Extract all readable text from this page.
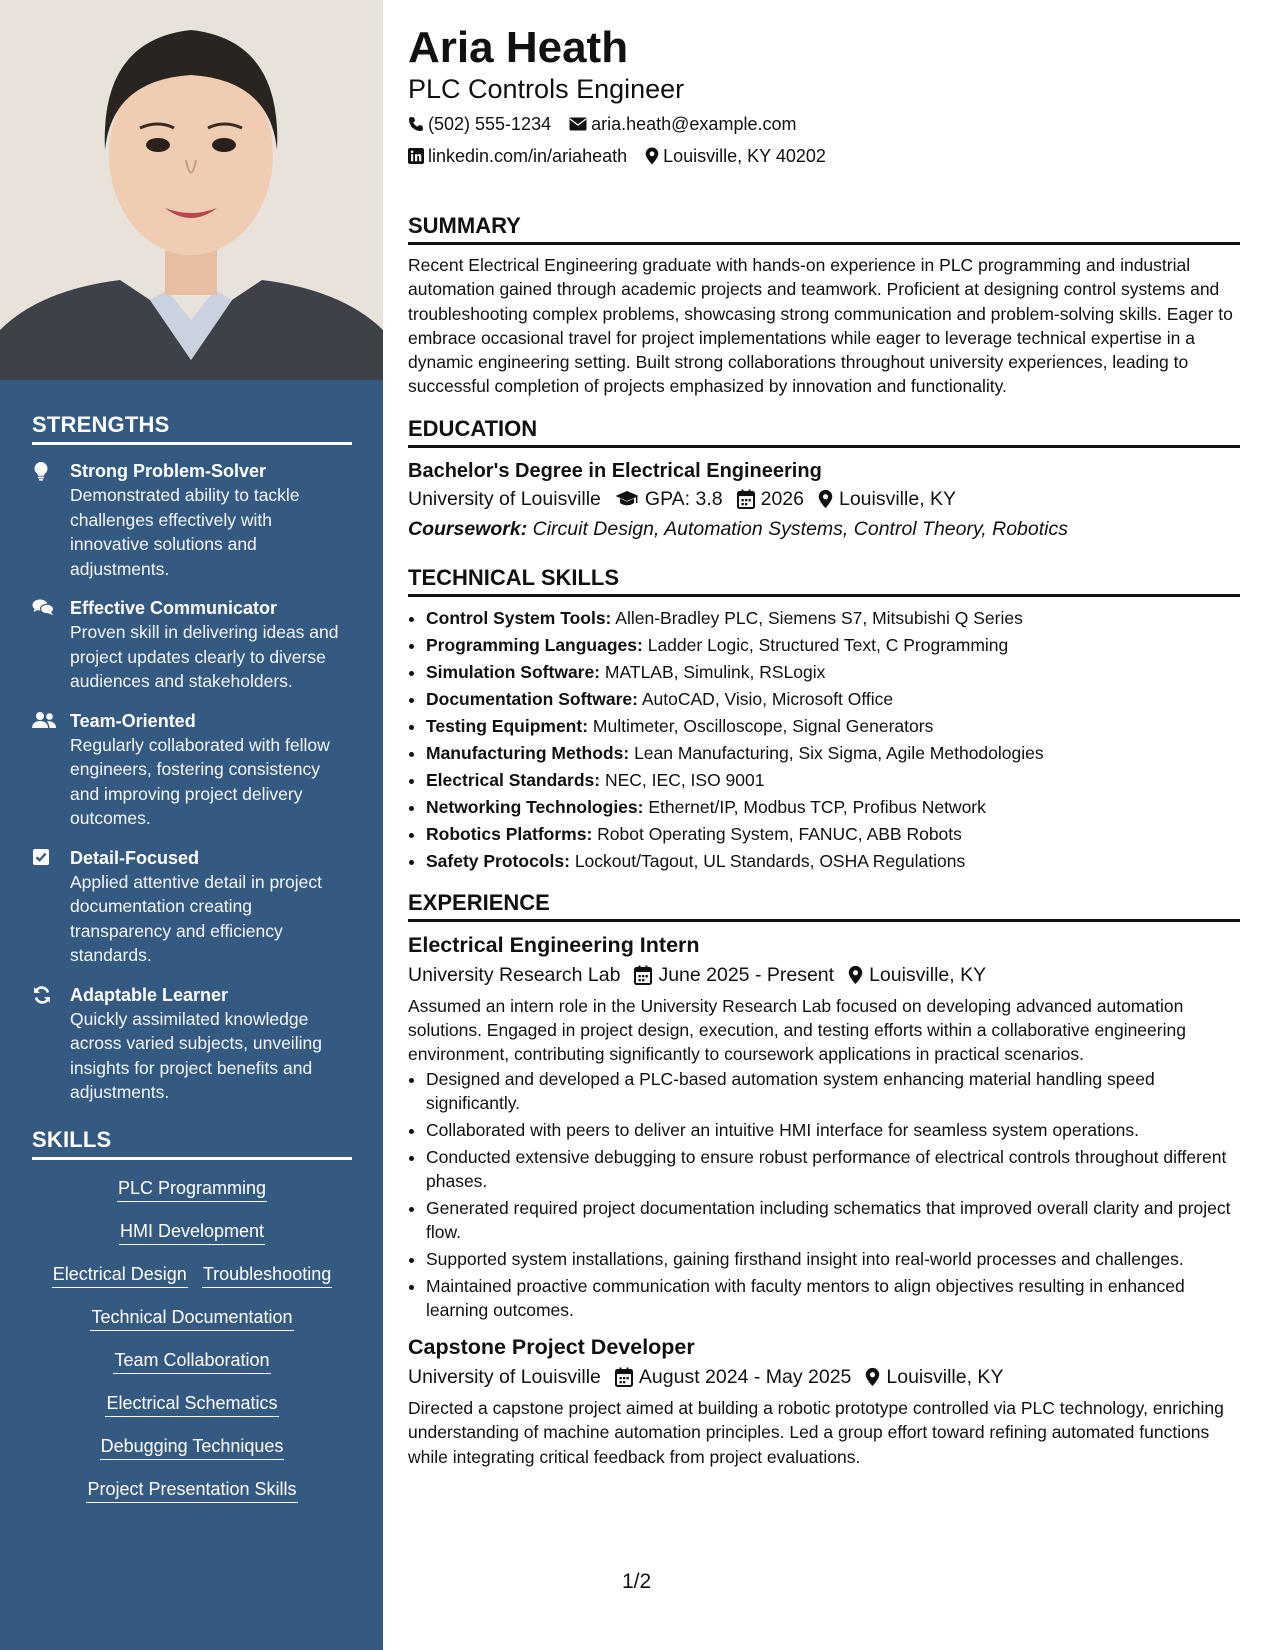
STRENGTHS
Strong Problem-Solver
Demonstrated ability to tackle challenges effectively with innovative solutions and adjustments.
Effective Communicator
Proven skill in delivering ideas and project updates clearly to diverse audiences and stakeholders.
Team-Oriented
Regularly collaborated with fellow engineers, fostering consistency and improving project delivery outcomes.
Detail-Focused
Applied attentive detail in project documentation creating transparency and efficiency standards.
Adaptable Learner
Quickly assimilated knowledge across varied subjects, unveiling insights for project benefits and adjustments.
SKILLS
PLC Programming
HMI Development
Electrical Design Troubleshooting
Technical Documentation
Team Collaboration
Electrical Schematics
Debugging Techniques
Project Presentation Skills
Aria Heath
PLC Controls Engineer
(502) 555-1234 aria.heath@example.com
linkedin.com/in/ariaheath Louisville, KY 40202
SUMMARY

Recent Electrical Engineering graduate with hands-on experience in PLC programming and industrial automation gained through academic projects and teamwork. Proficient at designing control systems and troubleshooting complex problems, showcasing strong communication and problem-solving skills. Eager to embrace occasional travel for project implementations while eager to leverage technical expertise in a dynamic engineering setting. Built strong collaborations throughout university experiences, leading to successful completion of projects emphasized by innovation and functionality.

EDUCATION
Bachelor's Degree in Electrical Engineering
University of Louisville GPA: 3.8 2026 Louisville, KY
Coursework: Circuit Design, Automation Systems, Control Theory, Robotics
TECHNICAL SKILLS
• Control System Tools: Allen-Bradley PLC, Siemens S7, Mitsubishi Q Series
• Programming Languages: Ladder Logic, Structured Text, C Programming
• Simulation Software: MATLAB, Simulink, RSLogix
• Documentation Software: AutoCAD, Visio, Microsoft Office
• Testing Equipment: Multimeter, Oscilloscope, Signal Generators
• Manufacturing Methods: Lean Manufacturing, Six Sigma, Agile Methodologies
• Electrical Standards: NEC, IEC, ISO 9001
• Networking Technologies: Ethernet/IP, Modbus TCP, Profibus Network
• Robotics Platforms: Robot Operating System, FANUC, ABB Robots
• Safety Protocols: Lockout/Tagout, UL Standards, OSHA Regulations
EXPERIENCE
Electrical Engineering Intern
University Research Lab June 2025 - Present Louisville, KY

Assumed an intern role in the University Research Lab focused on developing advanced automation solutions. Engaged in project design, execution, and testing efforts within a collaborative engineering environment, contributing significantly to coursework applications in practical scenarios.

• Designed and developed a PLC-based automation system enhancing material handling speed significantly.
• Collaborated with peers to deliver an intuitive HMI interface for seamless system operations.
• Conducted extensive debugging to ensure robust performance of electrical controls throughout different phases.
• Generated required project documentation including schematics that improved overall clarity and project flow.
• Supported system installations, gaining firsthand insight into real-world processes and challenges.
• Maintained proactive communication with faculty mentors to align objectives resulting in enhanced learning outcomes.
Capstone Project Developer
University of Louisville August 2024 - May 2025 Louisville, KY

Directed a capstone project aimed at building a robotic prototype controlled via PLC technology, enriching understanding of machine automation principles. Led a group effort toward refining automated functions while integrating critical feedback from project evaluations.

1/2
